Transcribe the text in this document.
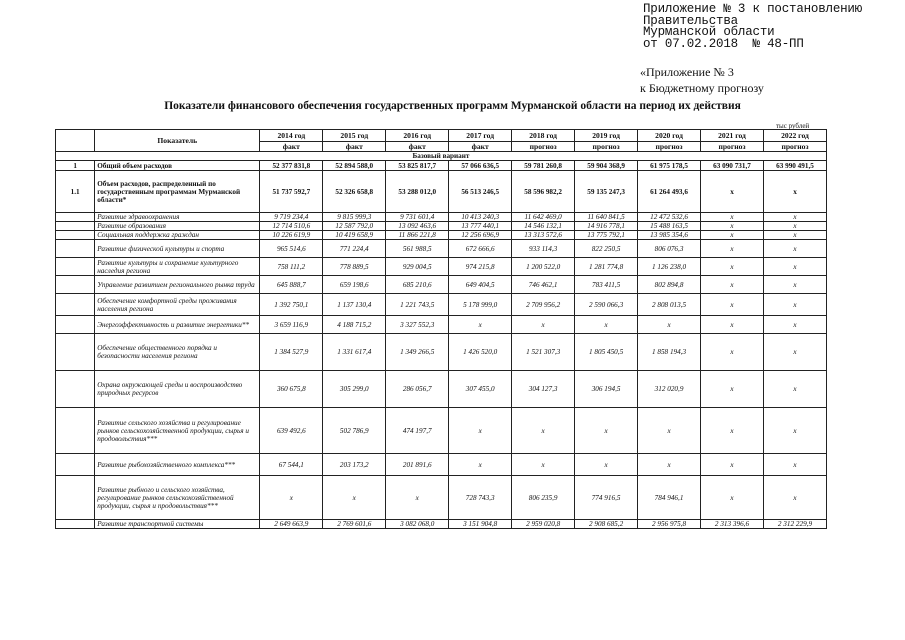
Приложение № 3 к постановлению
Правительства
Мурманской области
от 07.02.2018  № 48-ПП
«Приложение № 3
к Бюджетному прогнозу
Показатели финансового обеспечения государственных программ Мурманской области на период их действия
тыс рублей
	Показатель	2014 год	2015 год	2016 год	2017 год	2018 год	2019 год	2020 год	2021 год	2022 год
		факт	факт	факт	факт	прогноз	прогноз	прогноз	прогноз	прогноз
Базовый вариант										
1	Общий объем расходов	52 377 831,8	52 894 588,0	53 825 817,7	57 066 636,5	59 781 260,8	59 904 368,9	61 975 178,5	63 090 731,7	63 990 491,5
1.1	Объем расходов, распределенный по государственным программам Мурманской области*	51 737 592,7	52 326 658,8	53 288 012,0	56 513 246,5	58 596 982,2	59 135 247,3	61 264 493,6	x	x
	Развитие здравоохранения	9 719 234,4	9 815 999,3	9 731 601,4	10 413 240,3	11 642 469,0	11 640 841,5	12 472 532,6	x	x
	Развитие образования	12 714 510,6	12 587 792,0	13 092 463,6	13 777 440,1	14 546 132,1	14 916 778,1	15 488 163,5	x	x
	Социальная поддержка граждан	10 226 619,9	10 419 658,9	11 866 221,8	12 256 696,9	13 313 572,6	13 775 792,1	13 985 354,6	x	x
	Развитие физической культуры и спорта	965 514,6	771 224,4	561 988,5	672 666,6	933 114,3	822 250,5	806 076,3	x	x
	Развитие культуры и сохранение культурного наследия региона	758 111,2	778 889,5	929 004,5	974 215,8	1 200 522,0	1 281 774,8	1 126 238,0	x	x
	Управление развитием регионального рынка труда	645 888,7	659 198,6	685 210,6	649 404,5	746 462,1	783 411,5	802 894,8	x	x
	Обеспечение комфортной среды проживания населения региона	1 392 750,1	1 137 130,4	1 221 743,5	5 178 999,0	2 709 956,2	2 590 066,3	2 808 013,5	x	x
	Энергоэффективность и развитие энергетики**	3 659 116,9	4 188 715,2	3 327 552,3	x	x	x	x	x	x
	Обеспечение общественного порядка и безопасности населения региона	1 384 527,9	1 331 617,4	1 349 266,5	1 426 520,0	1 521 307,3	1 805 450,5	1 858 194,3	x	x
	Охрана окружающей среды и воспроизводство природных ресурсов	360 675,8	305 299,0	286 056,7	307 455,0	304 127,3	306 194,5	312 020,9	x	x
	Развитие сельского хозяйства и регулирование рынков сельскохозяйственной продукции, сырья и продовольствия***	639 492,6	502 786,9	474 197,7	x	x	x	x	x	x
	Развитие рыбохозяйственного комплекса***	67 544,1	203 173,2	201 891,6	x	x	x	x	x	x
	Развитие рыбного и сельского хозяйства, регулирование рынков сельскохозяйственной продукции, сырья и продовольствия***	x	x	x	728 743,3	806 235,9	774 916,5	784 946,1	x	x
	Развитие транспортной системы	2 649 663,9	2 769 601,6	3 082 068,0	3 151 904,8	2 959 020,8	2 908 685,2	2 956 975,8	2 313 396,6	2 312 229,9
